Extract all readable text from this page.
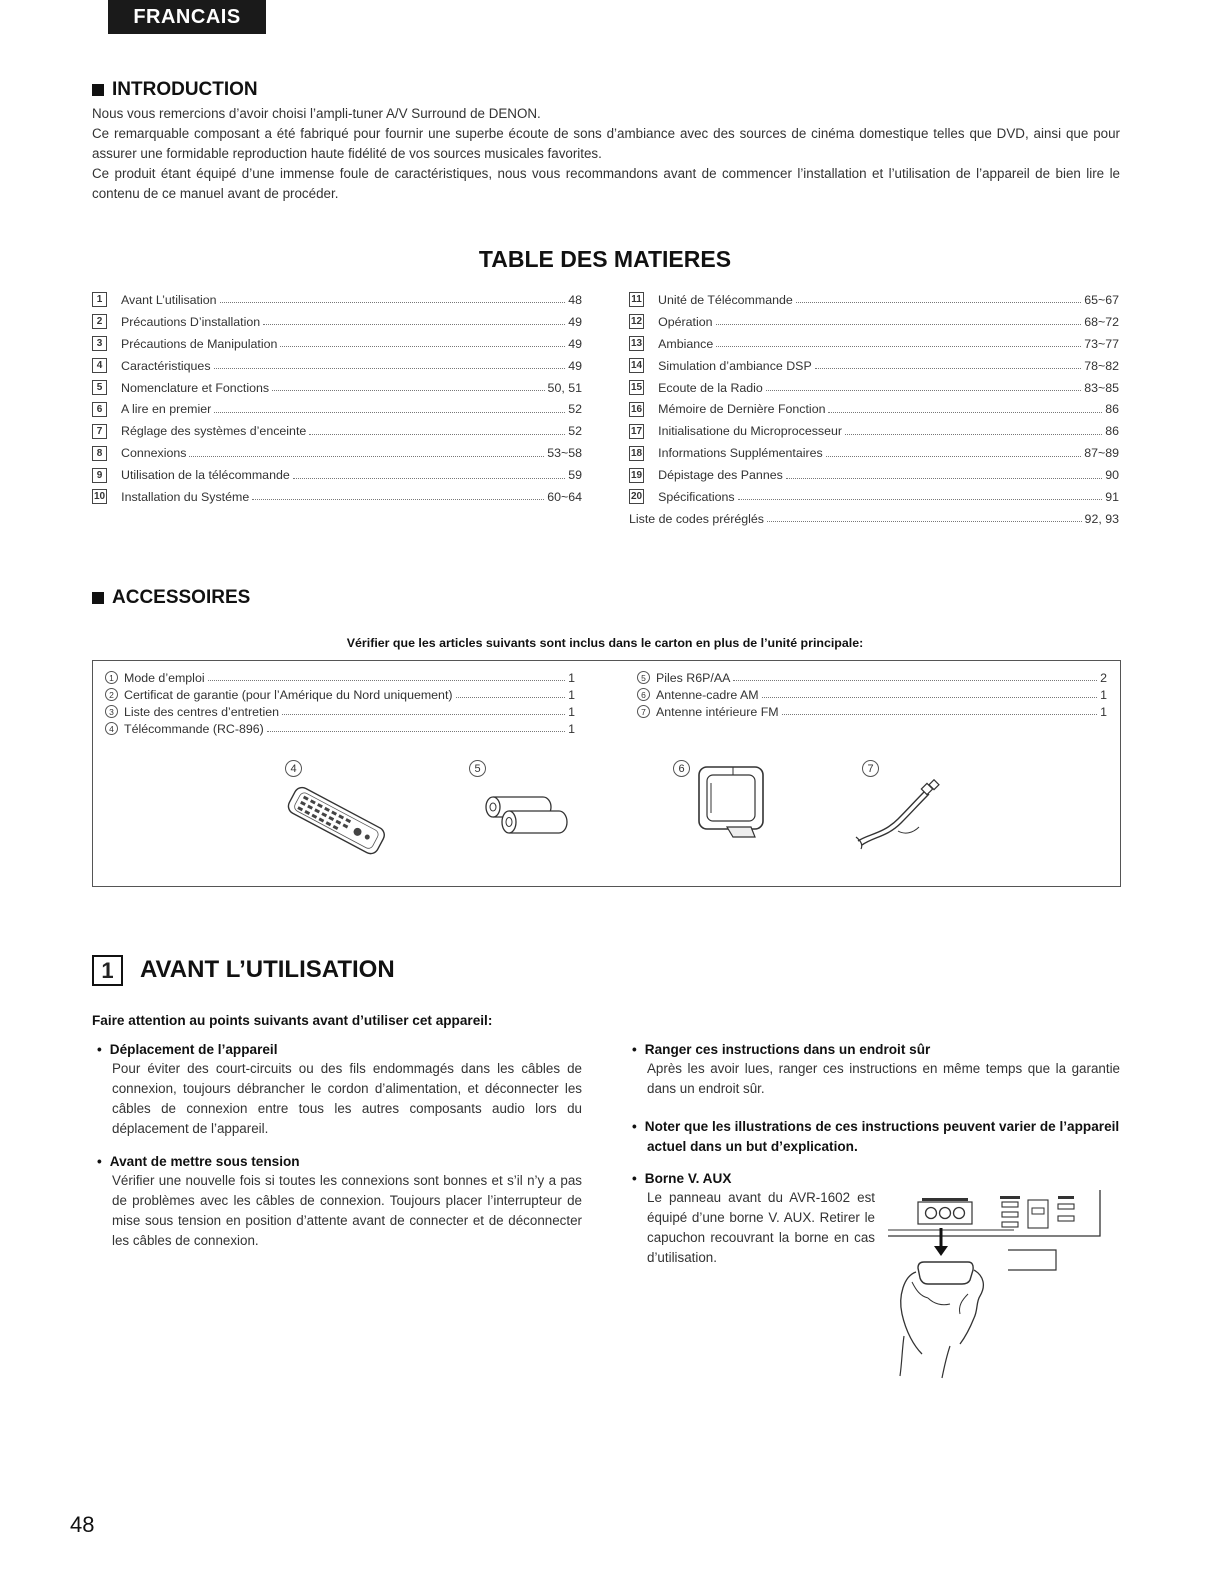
FRANCAIS
INTRODUCTION

Nous vous remercions d’avoir choisi l’ampli-tuner A/V Surround de DENON.

Ce remarquable composant a été fabriqué pour fournir une superbe écoute de sons d’ambiance avec des sources de cinéma domestique telles que DVD, ainsi que pour assurer une formidable reproduction haute fidélité de vos sources musicales favorites.

Ce produit étant équipé d’une immense foule de caractéristiques, nous vous recommandons avant de commencer l’installation et l’utilisation de l’appareil de bien lire le contenu de ce manuel avant de procéder.

TABLE DES MATIERES
1	Avant L’utilisation	48
2	Précautions D’installation	49
3	Précautions de Manipulation	49
4	Caractéristiques	49
5	Nomenclature et Fonctions	50, 51
6	A lire en premier	52
7	Réglage des systèmes d’enceinte	52
8	Connexions	53~58
9	Utilisation de la télécommande	59
10 Installation du Systéme	60~64
11 Unité de Télécommande	65~67
12 Opération	68~72
13 Ambiance	73~77
14 Simulation d’ambiance DSP	78~82
15 Ecoute de la Radio	83~85
16 Mémoire de Dernière Fonction	86
17 Initialisatione du Microprocesseur	86
18 Informations Supplémentaires	87~89
19 Dépistage des Pannes	90
20 Spécifications	91
Liste de codes préréglés	92, 93
ACCESSOIRES
Vérifier que les articles suivants sont inclus dans le carton en plus de l’unité principale:
1 Mode d’emploi	1
2 Certificat de garantie (pour l’Amérique du Nord uniquement)	1
3 Liste des centres d’entretien	1
4 Télécommande (RC-896)	1
5 Piles R6P/AA	2
6 Antenne-cadre AM	1
7 Antenne intérieure FM	1
4	5	6	7
1	AVANT L’UTILISATION
Faire attention au points suivants avant d’utiliser cet appareil:
• Déplacement de l’appareil
Pour éviter des court-circuits ou des fils endommagés dans les câbles de connexion, toujours débrancher le cordon d’alimentation, et déconnecter les câbles de connexion entre tous les autres composants audio lors du déplacement de l’appareil.
• Avant de mettre sous tension
Vérifier une nouvelle fois si toutes les connexions sont bonnes et s’il n’y a pas de problèmes avec les câbles de connexion. Toujours placer l’interrupteur de mise sous tension en position d’attente avant de connecter et de déconnecter les câbles de connexion.
• Ranger ces instructions dans un endroit sûr
Après les avoir lues, ranger ces instructions en même temps que la garantie dans un endroit sûr.
• Noter que les illustrations de ces instructions peuvent varier de l’appareil actuel dans un but d’explication.
• Borne V. AUX
Le panneau avant du AVR-1602 est équipé d’une borne V. AUX. Retirer le capuchon recouvrant la borne en cas d’utilisation.
48
